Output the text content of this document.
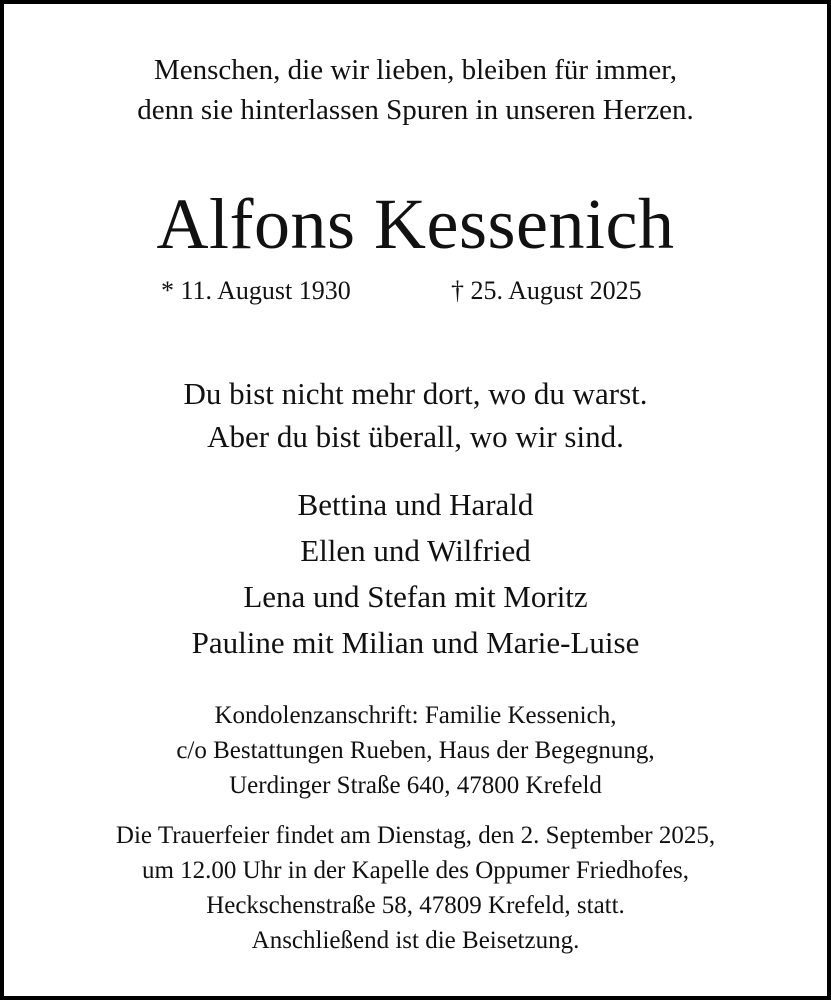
Menschen, die wir lieben, bleiben für immer,
denn sie hinterlassen Spuren in unseren Herzen.
Alfons Kessenich
* 11. August 1930	† 25. August 2025
Du bist nicht mehr dort, wo du warst.
Aber du bist überall, wo wir sind.
Bettina und Harald
Ellen und Wilfried
Lena und Stefan mit Moritz
Pauline mit Milian und Marie-Luise
Kondolenzanschrift: Familie Kessenich,
c/o Bestattungen Rueben, Haus der Begegnung,
Uerdinger Straße 640, 47800 Krefeld
Die Trauerfeier findet am Dienstag, den 2. September 2025,
um 12.00 Uhr in der Kapelle des Oppumer Friedhofes,
Heckschenstraße 58, 47809 Krefeld, statt.
Anschließend ist die Beisetzung.
